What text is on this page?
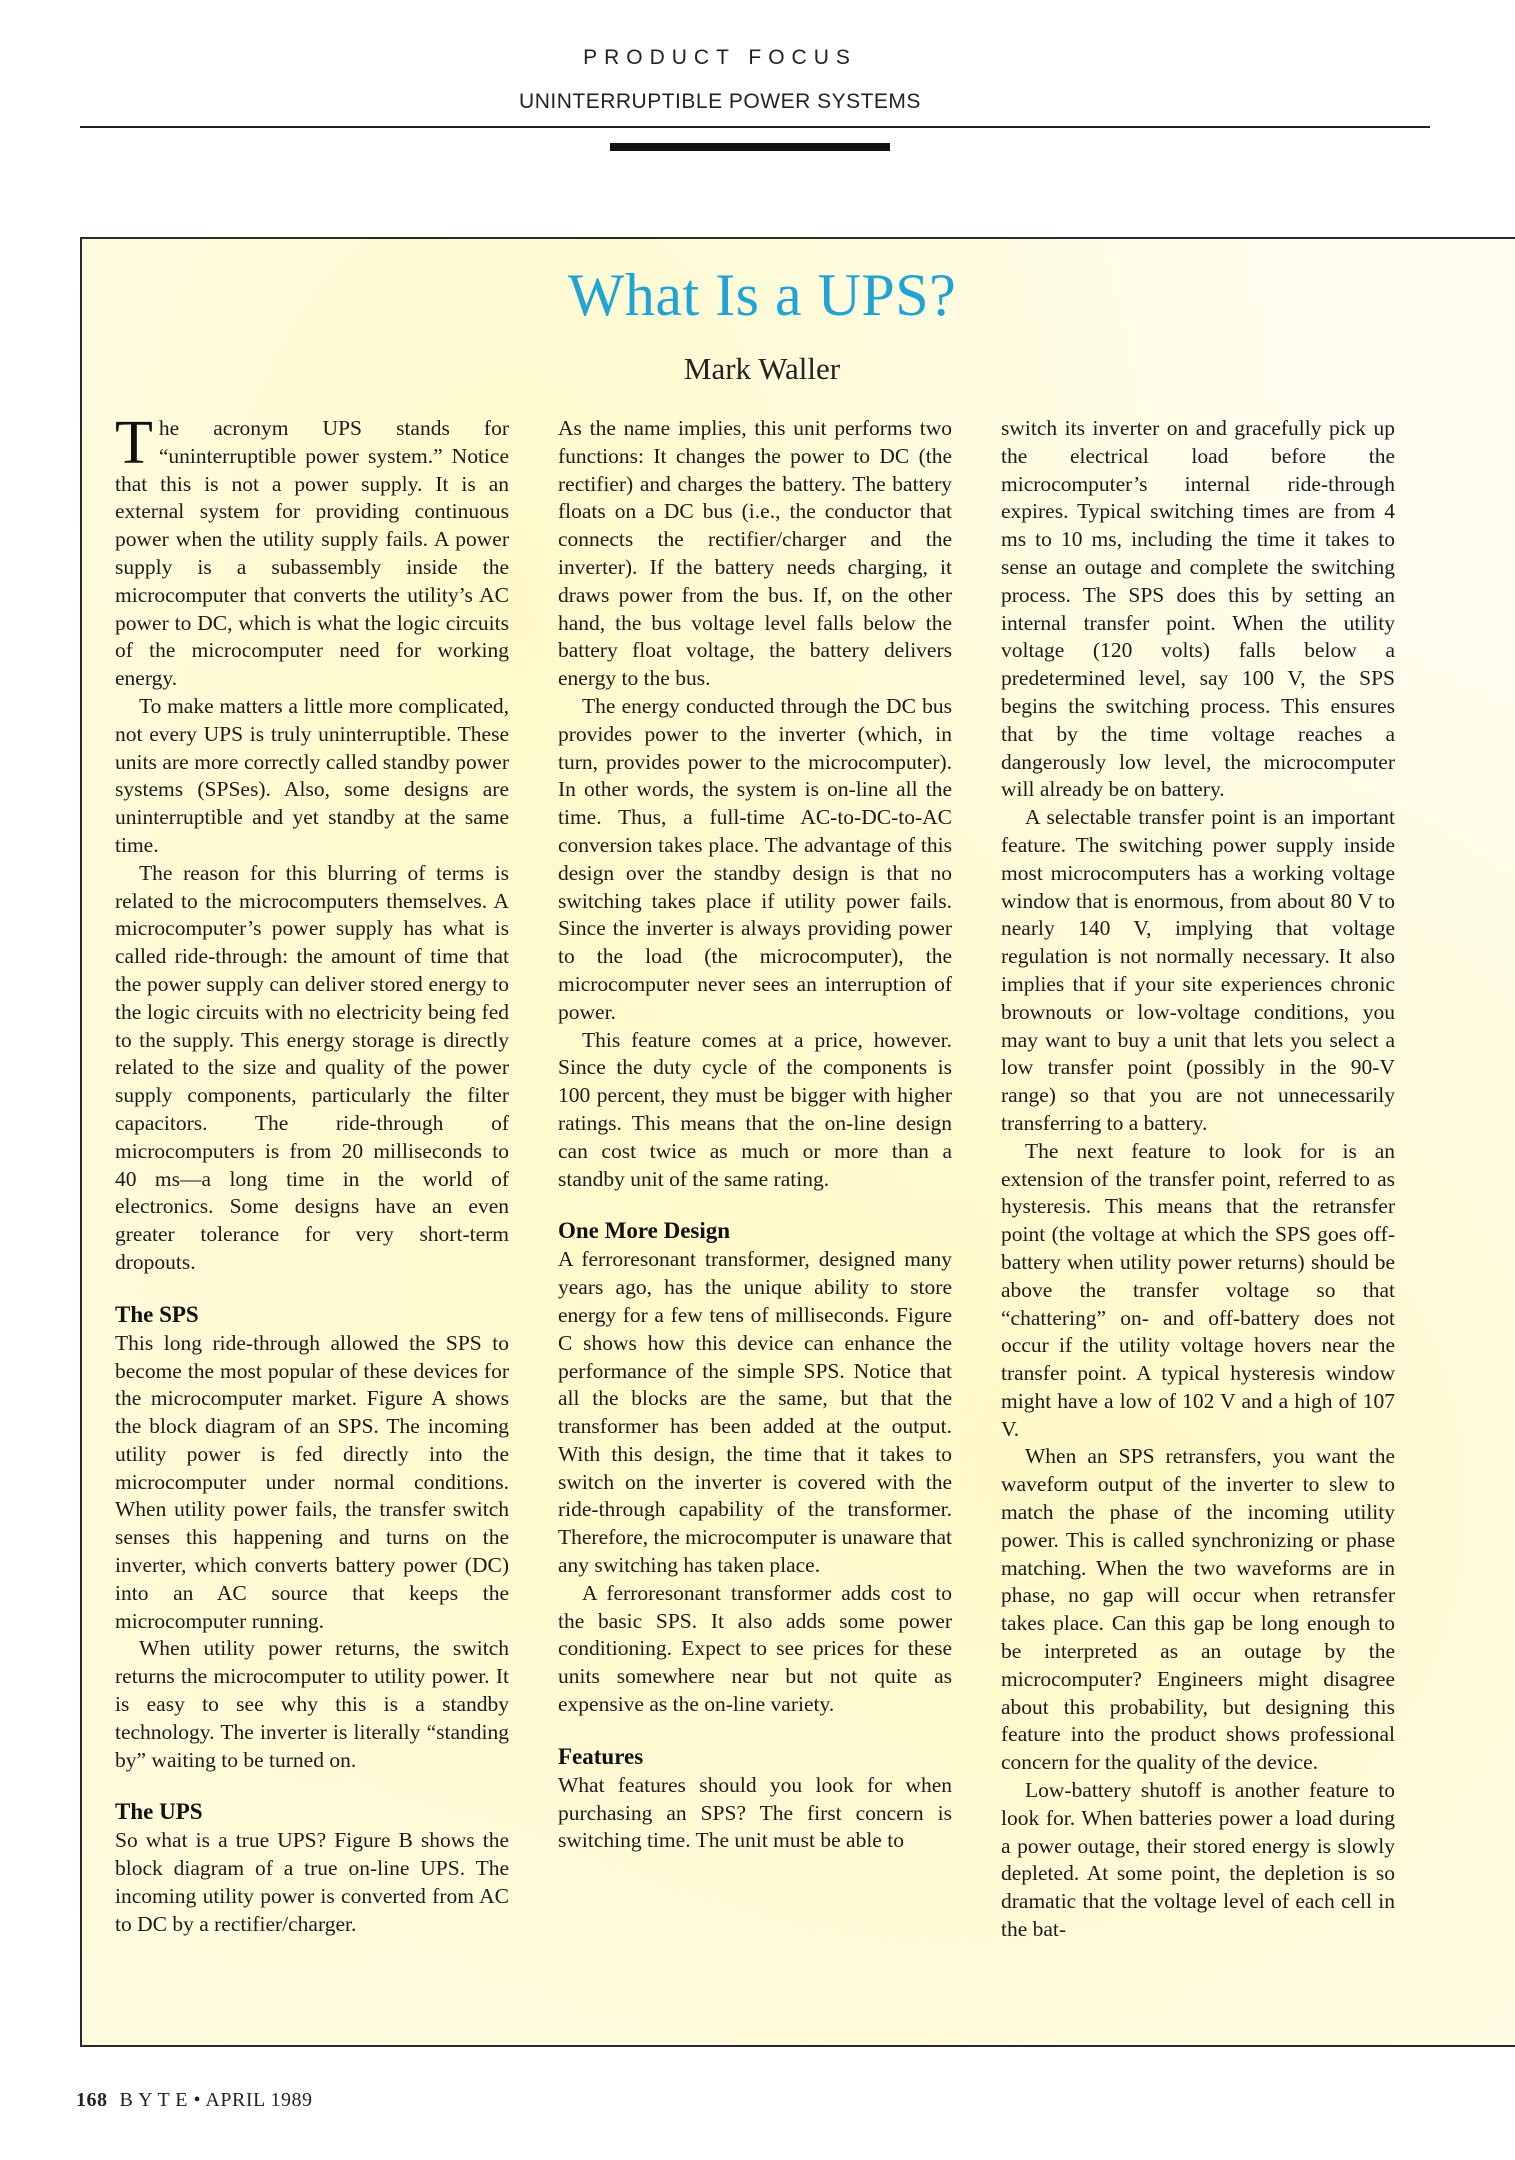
PRODUCT FOCUS
UNINTERRUPTIBLE POWER SYSTEMS
What Is a UPS?
Mark Waller

The acronym UPS stands for “uninterruptible power system.” Notice that this is not a power supply. It is an external system for providing continuous power when the utility supply fails. A power supply is a subassembly inside the microcomputer that converts the utility’s AC power to DC, which is what the logic circuits of the microcomputer need for working energy.

To make matters a little more complicated, not every UPS is truly uninterruptible. These units are more correctly called standby power systems (SPSes). Also, some designs are uninterruptible and yet standby at the same time.

The reason for this blurring of terms is related to the microcomputers themselves. A microcomputer’s power supply has what is called ride-through: the amount of time that the power supply can deliver stored energy to the logic circuits with no electricity being fed to the supply. This energy storage is directly related to the size and quality of the power supply components, particularly the filter capacitors. The ride-through of microcomputers is from 20 milliseconds to 40 ms—a long time in the world of electronics. Some designs have an even greater tolerance for very short-term dropouts.

The SPS

This long ride-through allowed the SPS to become the most popular of these devices for the microcomputer market. Figure A shows the block diagram of an SPS. The incoming utility power is fed directly into the microcomputer under normal conditions. When utility power fails, the transfer switch senses this happening and turns on the inverter, which converts battery power (DC) into an AC source that keeps the microcomputer running.

When utility power returns, the switch returns the microcomputer to utility power. It is easy to see why this is a standby technology. The inverter is literally “standing by” waiting to be turned on.

The UPS

So what is a true UPS? Figure B shows the block diagram of a true on-line UPS. The incoming utility power is converted from AC to DC by a rectifier/charger.

As the name implies, this unit performs two functions: It changes the power to DC (the rectifier) and charges the battery. The battery floats on a DC bus (i.e., the conductor that connects the rectifier/charger and the inverter). If the battery needs charging, it draws power from the bus. If, on the other hand, the bus voltage level falls below the battery float voltage, the battery delivers energy to the bus.

The energy conducted through the DC bus provides power to the inverter (which, in turn, provides power to the microcomputer). In other words, the system is on-line all the time. Thus, a full-time AC-to-DC-to-AC conversion takes place. The advantage of this design over the standby design is that no switching takes place if utility power fails. Since the inverter is always providing power to the load (the microcomputer), the microcomputer never sees an interruption of power.

This feature comes at a price, however. Since the duty cycle of the components is 100 percent, they must be bigger with higher ratings. This means that the on-line design can cost twice as much or more than a standby unit of the same rating.

One More Design

A ferroresonant transformer, designed many years ago, has the unique ability to store energy for a few tens of milliseconds. Figure C shows how this device can enhance the performance of the simple SPS. Notice that all the blocks are the same, but that the transformer has been added at the output. With this design, the time that it takes to switch on the inverter is covered with the ride-through capability of the transformer. Therefore, the microcomputer is unaware that any switching has taken place.

A ferroresonant transformer adds cost to the basic SPS. It also adds some power conditioning. Expect to see prices for these units somewhere near but not quite as expensive as the on-line variety.

Features

What features should you look for when purchasing an SPS? The first concern is switching time. The unit must be able to

switch its inverter on and gracefully pick up the electrical load before the microcomputer’s internal ride-through expires. Typical switching times are from 4 ms to 10 ms, including the time it takes to sense an outage and complete the switching process. The SPS does this by setting an internal transfer point. When the utility voltage (120 volts) falls below a predetermined level, say 100 V, the SPS begins the switching process. This ensures that by the time voltage reaches a dangerously low level, the microcomputer will already be on battery.

A selectable transfer point is an important feature. The switching power supply inside most microcomputers has a working voltage window that is enormous, from about 80 V to nearly 140 V, implying that voltage regulation is not normally necessary. It also implies that if your site experiences chronic brownouts or low-voltage conditions, you may want to buy a unit that lets you select a low transfer point (possibly in the 90-V range) so that you are not unnecessarily transferring to a battery.

The next feature to look for is an extension of the transfer point, referred to as hysteresis. This means that the retransfer point (the voltage at which the SPS goes off-battery when utility power returns) should be above the transfer voltage so that “chattering” on- and off-battery does not occur if the utility voltage hovers near the transfer point. A typical hysteresis window might have a low of 102 V and a high of 107 V.

When an SPS retransfers, you want the waveform output of the inverter to slew to match the phase of the incoming utility power. This is called synchronizing or phase matching. When the two waveforms are in phase, no gap will occur when retransfer takes place. Can this gap be long enough to be interpreted as an outage by the microcomputer? Engineers might disagree about this probability, but designing this feature into the product shows professional concern for the quality of the device.

Low-battery shutoff is another feature to look for. When batteries power a load during a power outage, their stored energy is slowly depleted. At some point, the depletion is so dramatic that the voltage level of each cell in the bat-

168 B Y T E • APRIL 1989
